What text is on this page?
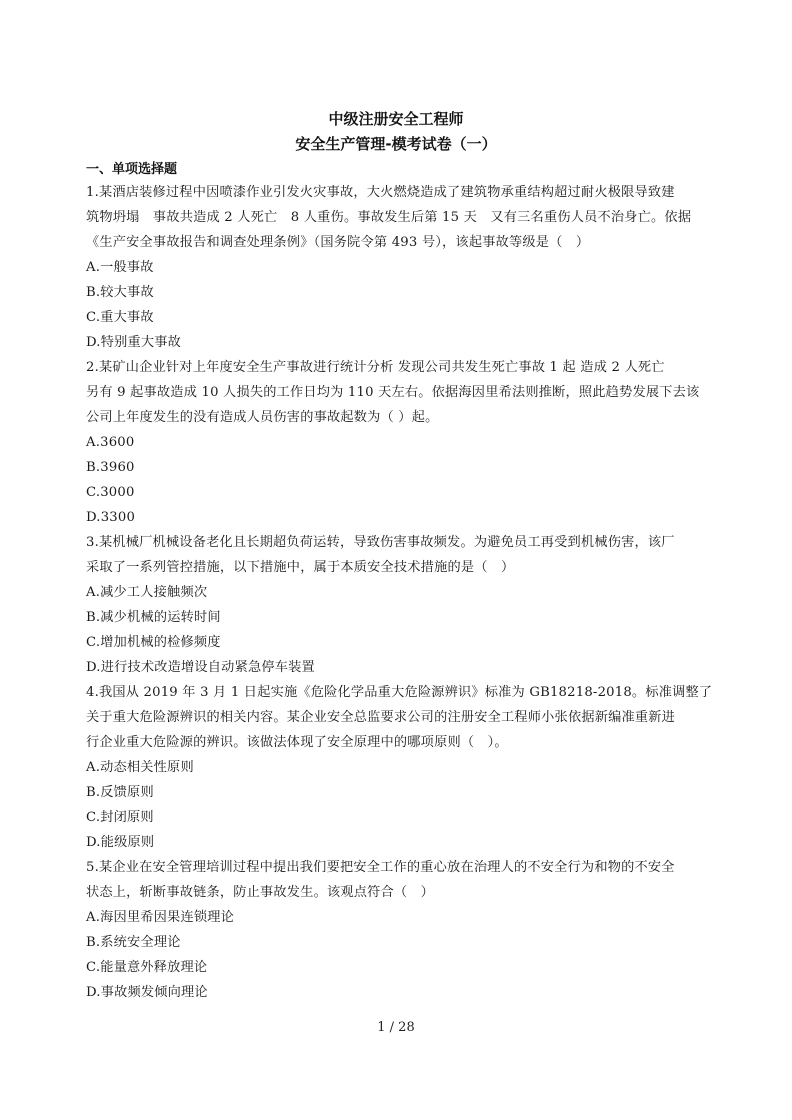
中级注册安全工程师
安全生产管理-模考试卷（一）
一、单项选择题
1.某酒店装修过程中因喷漆作业引发火灾事故，大火燃烧造成了建筑物承重结构超过耐火极限导致建
筑物坍塌　事故共造成 2 人死亡　8 人重伤。事故发生后第 15 天　又有三名重伤人员不治身亡。依据
《生产安全事故报告和调查处理条例》（国务院令第 493 号），该起事故等级是（　）
A.一般事故
B.较大事故
C.重大事故
D.特别重大事故
2.某矿山企业针对上年度安全生产事故进行统计分析 发现公司共发生死亡事故 1 起 造成 2 人死亡
另有 9 起事故造成 10 人损失的工作日均为 110 天左右。依据海因里希法则推断，照此趋势发展下去该
公司上年度发生的没有造成人员伤害的事故起数为（ ）起。
A.3600
B.3960
C.3000
D.3300
3.某机械厂机械设备老化且长期超负荷运转，导致伤害事故频发。为避免员工再受到机械伤害，该厂
采取了一系列管控措施，以下措施中，属于本质安全技术措施的是（　）
A.减少工人接触频次
B.减少机械的运转时间
C.增加机械的检修频度
D.进行技术改造增设自动紧急停车装置
4.我国从 2019 年 3 月 1 日起实施《危险化学品重大危险源辨识》标准为 GB18218-2018。标准调整了
关于重大危险源辨识的相关内容。某企业安全总监要求公司的注册安全工程师小张依据新编准重新进
行企业重大危险源的辨识。该做法体现了安全原理中的哪项原则（　）。
A.动态相关性原则
B.反馈原则
C.封闭原则
D.能级原则
5.某企业在安全管理培训过程中提出我们要把安全工作的重心放在治理人的不安全行为和物的不安全
状态上，斩断事故链条，防止事故发生。该观点符合（　）
A.海因里希因果连锁理论
B.系统安全理论
C.能量意外释放理论
D.事故频发倾向理论
1 / 28
